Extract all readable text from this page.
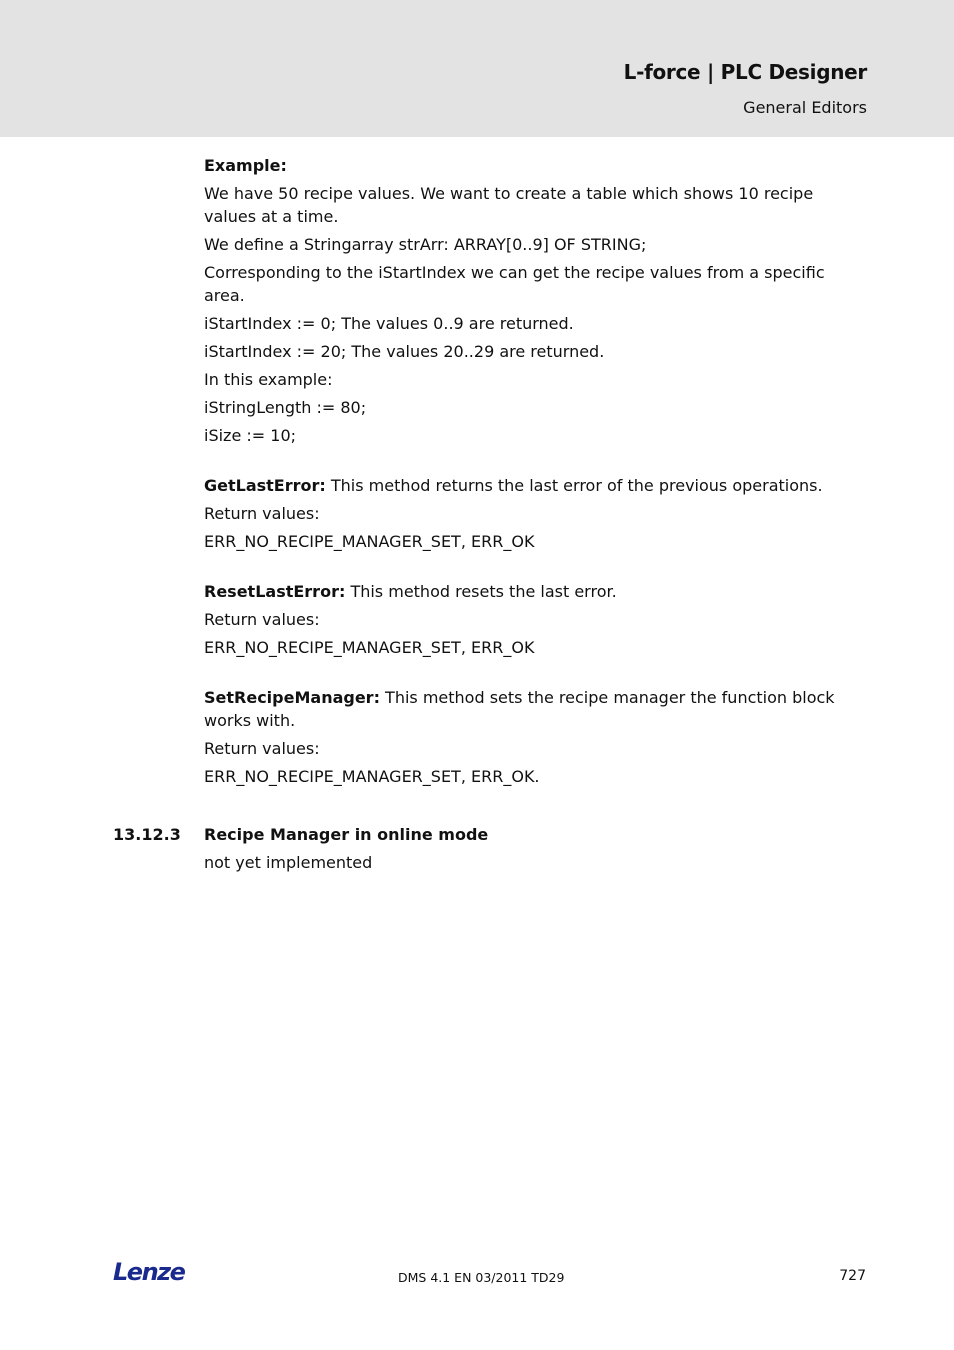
L-force | PLC Designer
General Editors

Example:

We have 50 recipe values. We want to create a table which shows 10 recipe values at a time.

We define a Stringarray strArr: ARRAY[0..9] OF STRING;

Corresponding to the iStartIndex we can get the recipe values from a specific area.

iStartIndex := 0; The values 0..9 are returned.

iStartIndex := 20; The values 20..29 are returned.

In this example:

iStringLength := 80;

iSize := 10;

GetLastError: This method returns the last error of the previous operations.

Return values:

ERR_NO_RECIPE_MANAGER_SET, ERR_OK

ResetLastError: This method resets the last error.

Return values:

ERR_NO_RECIPE_MANAGER_SET, ERR_OK

SetRecipeManager: This method sets the recipe manager the function block works with.

Return values:

ERR_NO_RECIPE_MANAGER_SET, ERR_OK.

13.12.3 Recipe Manager in online mode
not yet implemented
Lenze	DMS 4.1 EN 03/2011 TD29	727
